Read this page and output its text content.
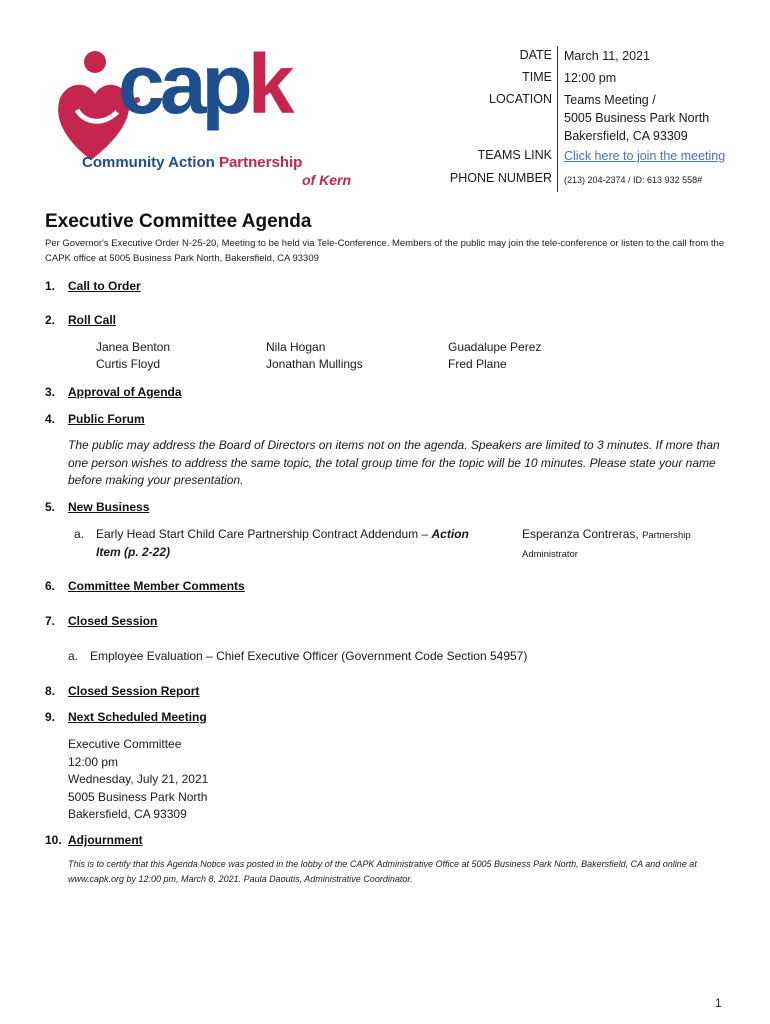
capk
Community Action Partnership
of Kern
DATE March 11, 2021
TIME 12:00 pm
LOCATION Teams Meeting /
5005 Business Park North
Bakersfield, CA 93309
TEAMS LINK Click here to join the meeting
PHONE NUMBER (213) 204-2374 / ID: 613 932 558#
Executive Committee Agenda
Per Governor's Executive Order N-25-20, Meeting to be held via Tele-Conference. Members of the public may join the tele-conference or listen to the call from the CAPK office at 5005 Business Park North, Bakersfield, CA 93309
1. Call to Order
2. Roll Call
Janea Benton
Curtis Floyd
Nila Hogan
Jonathan Mullings
Guadalupe Perez
Fred Plane
3. Approval of Agenda
4. Public Forum
The public may address the Board of Directors on items not on the agenda. Speakers are limited to 3 minutes. If more than one person wishes to address the same topic, the total group time for the topic will be 10 minutes. Please state your name before making your presentation.
5. New Business
a. Early Head Start Child Care Partnership Contract Addendum – Action
Item (p. 2-22)
Esperanza Contreras, Partnership
Administrator
6. Committee Member Comments
7. Closed Session
a. Employee Evaluation – Chief Executive Officer (Government Code Section 54957)
8. Closed Session Report
9. Next Scheduled Meeting
Executive Committee
12:00 pm
Wednesday, July 21, 2021
5005 Business Park North
Bakersfield, CA 93309
10. Adjournment
This is to certify that this Agenda Notice was posted in the lobby of the CAPK Administrative Office at 5005 Business Park North, Bakersfield, CA and online at www.capk.org by 12:00 pm, March 8, 2021. Paula Daoutis, Administrative Coordinator.
1
